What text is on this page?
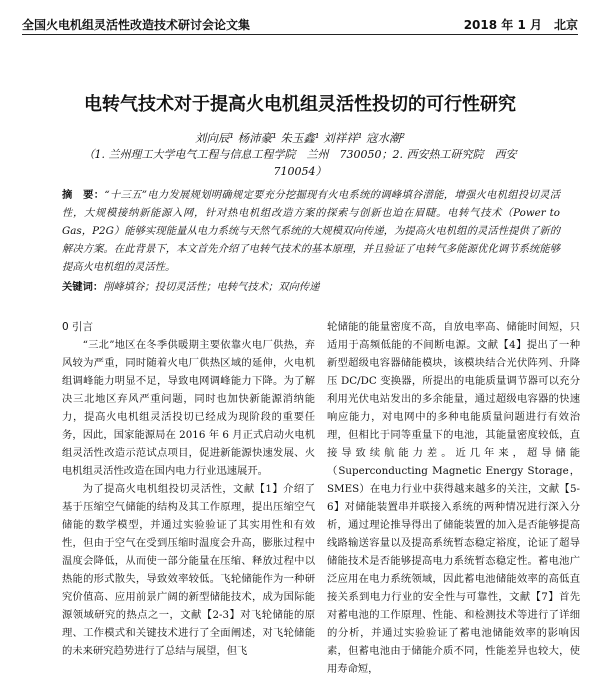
全国火电机组灵活性改造技术研讨会论文集	2018 年 1 月　北京
电转气技术对于提高火电机组灵活性投切的可行性研究
刘向辰¹ 杨沛豪¹ 朱玉鑫¹ 刘祥祥¹ 寇水潮²
（1. 兰州理工大学电气工程与信息工程学院　兰州　730050；2. 西安热工研究院　西安　710054）
摘　要：“十三五”电力发展规划明确规定要充分挖掘现有火电系统的调峰填谷潜能，增强火电机组投切灵活性，大规模接纳新能源入网，针对热电机组改造方案的探索与创新也迫在眉睫。电转气技术（Power to Gas，P2G）能够实现能量从电力系统与天然气系统的大规模双向传递，为提高火电机组的灵活性提供了新的解决方案。在此背景下，本文首先介绍了电转气技术的基本原理，并且验证了电转气多能源优化调节系统能够提高火电机组的灵活性。
关键词：削峰填谷；投切灵活性；电转气技术；双向传递

0 引言

“三北”地区在冬季供暖期主要依靠火电厂供热，弃风较为严重，同时随着火电厂供热区域的延伸，火电机组调峰能力明显不足，导致电网调峰能力下降。为了解决三北地区弃风严重问题，同时也加快新能源消纳能力，提高火电机组灵活投切已经成为现阶段的重要任务，因此，国家能源局在 2016 年 6 月正式启动火电机组灵活性改造示范试点项目，促进新能源快速发展、火电机组灵活性改造在国内电力行业迅速展开。

为了提高火电机组投切灵活性，文献【1】介绍了基于压缩空气储能的结构及其工作原理，提出压缩空气储能的数学模型，并通过实验验证了其实用性和有效性，但由于空气在受到压缩时温度会升高，膨胀过程中温度会降低，从而使一部分能量在压缩、释放过程中以热能的形式散失，导致效率较低。飞轮储能作为一种研究价值高、应用前景广阔的新型储能技术，成为国际能源领域研究的热点之一，文献【2-3】对飞轮储能的原理、工作模式和关键技术进行了全面阐述，对飞轮储能的未来研究趋势进行了总结与展望，但飞

轮储能的能量密度不高，自放电率高、储能时间短，只适用于高频低能的不间断电源。文献【4】提出了一种新型超级电容器储能模块，该模块结合光伏阵列、升降压 DC/DC 变换器，所提出的电能质量调节器可以充分利用光伏电站发出的多余能量，通过超级电容器的快速响应能力，对电网中的多种电能质量问题进行有效治理，但相比于同等重量下的电池，其能量密度较低，直接导致续航能力差。近几年来，超导储能（Superconducting Magnetic Energy Storage，SMES）在电力行业中获得越来越多的关注，文献【5-6】对储能装置串并联接入系统的两种情况进行深入分析，通过理论推导得出了储能装置的加入是否能够提高线路输送容量以及提高系统暂态稳定裕度，论证了超导储能技术是否能够提高电力系统暂态稳定性。蓄电池广泛应用在电力系统领域，因此蓄电池储能效率的高低直接关系到电力行业的安全性与可靠性，文献【7】首先对蓄电池的工作原理、性能、和检测技术等进行了详细的分析，并通过实验验证了蓄电池储能效率的影响因素，但蓄电池由于储能介质不同，性能差异也较大，使用寿命短，
